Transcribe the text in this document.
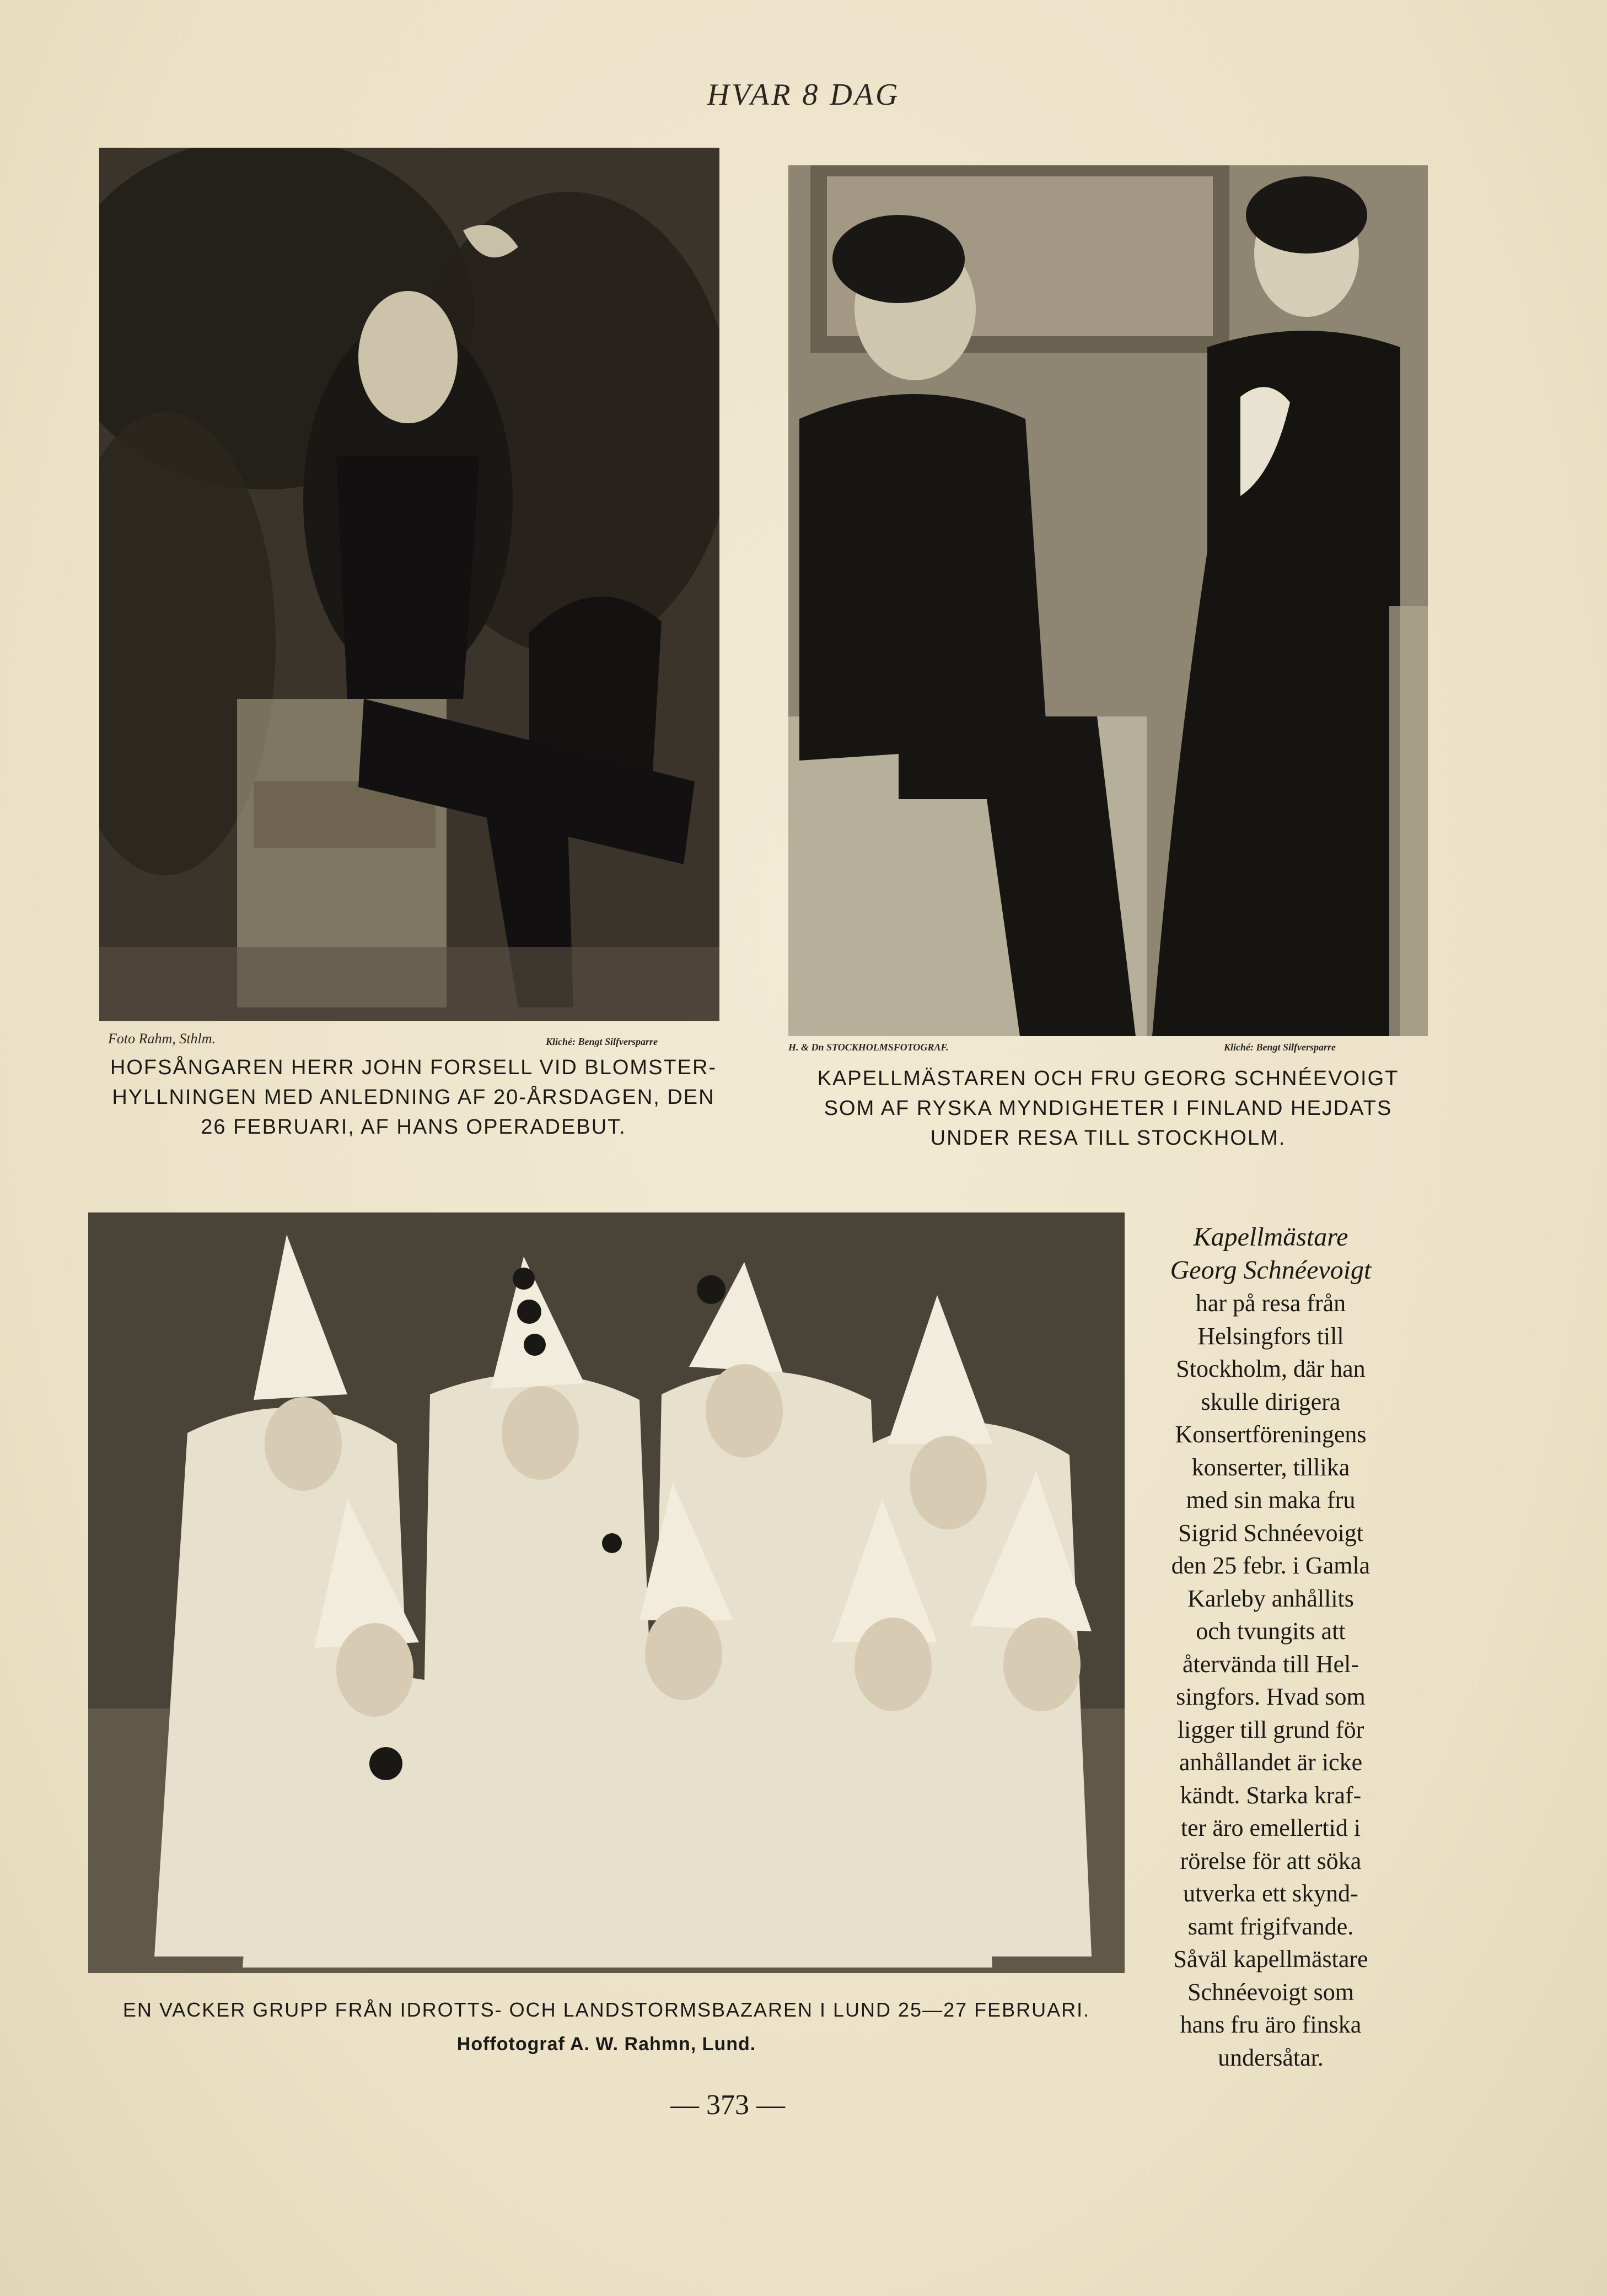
HVAR 8 DAG
Foto Rahm, Sthlm.	Kliché: Bengt Silfversparre
HOFSÅNGAREN HERR JOHN FORSELL VID BLOMSTER-
HYLLNINGEN MED ANLEDNING AF 20-ÅRSDAGEN, DEN
26 FEBRUARI, AF HANS OPERADEBUT.
H. & Dn STOCKHOLMSFOTOGRAF.	Kliché: Bengt Silfversparre
KAPELLMÄSTAREN OCH FRU GEORG SCHNÉEVOIGT
SOM AF RYSKA MYNDIGHETER I FINLAND HEJDATS
UNDER RESA TILL STOCKHOLM.
EN VACKER GRUPP FRÅN IDROTTS- OCH LANDSTORMSBAZAREN I LUND 25—27 FEBRUARI.
Hoffotograf A. W. Rahmn, Lund.
Kapellmästare
Georg Schnéevoigt
har på resa från
Helsingfors till
Stockholm, där han
skulle dirigera
Konsertföreningens
konserter, tillika
med sin maka fru
Sigrid Schnéevoigt
den 25 febr. i Gamla
Karleby anhållits
och tvungits att
återvända till Hel-
singfors. Hvad som
ligger till grund för
anhållandet är icke
kändt. Starka kraf-
ter äro emellertid i
rörelse för att söka
utverka ett skynd-
samt frigifvande.
Såväl kapellmästare
Schnéevoigt som
hans fru äro finska
undersåtar.
— 373 —
